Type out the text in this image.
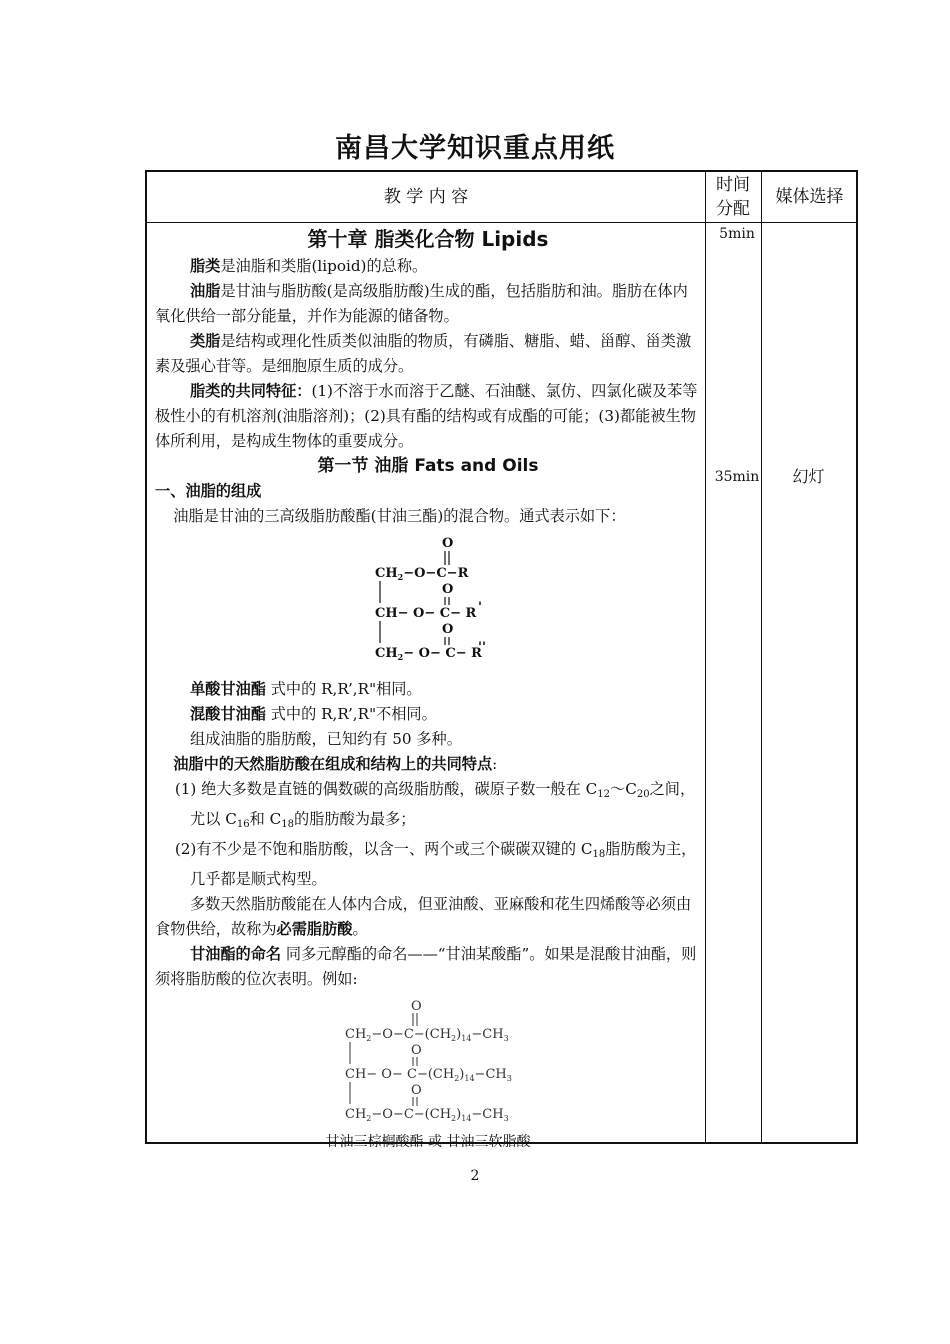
南昌大学知识重点用纸
教 学 内 容
时间
分配
媒体选择
5min
35min	幻灯

第十章 脂类化合物 Lipids

脂类是油脂和类脂(lipoid)的总称。

油脂是甘油与脂肪酸(是高级脂肪酸)生成的酯，包括脂肪和油。脂肪在体内氧化供给一部分能量，并作为能源的储备物。

类脂是结构或理化性质类似油脂的物质，有磷脂、糖脂、蜡、甾醇、甾类激素及强心苷等。是细胞原生质的成分。

脂类的共同特征：(1)不溶于水而溶于乙醚、石油醚、氯仿、四氯化碳及苯等极性小的有机溶剂(油脂溶剂)；(2)具有酯的结构或有成酯的可能；(3)都能被生物体所利用，是构成生物体的重要成分。

第一节 油脂 Fats and Oils

一、油脂的组成

油脂是甘油的三高级脂肪酸酯(甘油三酯)的混合物。通式表示如下：

O
$CH_2-O-C-R$
O
CH− O− C− R '
O
$CH_2- O- C- R$
''

单酸甘油酯 式中的 R,R’,R"相同。

混酸甘油酯 式中的 R,R’,R"不相同。

组成油脂的脂肪酸，已知约有 50 多种。

油脂中的天然脂肪酸在组成和结构上的共同特点:

(1) 绝大多数是直链的偶数碳的高级脂肪酸，碳原子数一般在 $C_{12}\sim C_{20}$之间，尤以 $C_{16}$和 $C_{18}$的脂肪酸为最多；

(2)有不少是不饱和脂肪酸，以含一、两个或三个碳碳双键的 $C_{18}$脂肪酸为主，几乎都是顺式构型。

多数天然脂肪酸能在人体内合成，但亚油酸、亚麻酸和花生四烯酸等必须由食物供给，故称为必需脂肪酸。

甘油酯的命名 同多元醇酯的命名——“甘油某酸酯”。如果是混酸甘油酯，则须将脂肪酸的位次表明。例如:

O
$CH_2-O-C-(CH_2)_{14}-CH_3$
O
$CH- O- C-(CH_2)_{14}-CH_3$
O
$CH_2-O-C-(CH_2)_{14}-CH_3$

甘油三棕榈酸酯 或 甘油三软脂酸

2
